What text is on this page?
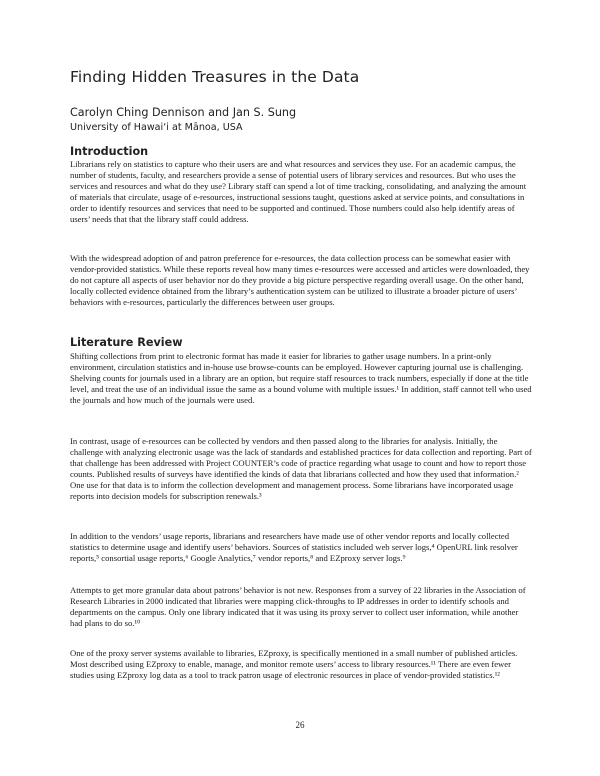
Finding Hidden Treasures in the Data

Carolyn Ching Dennison and Jan S. Sung

University of Hawai‘i at Mānoa, USA

Introduction

Librarians rely on statistics to capture who their users are and what resources and services they use. For an academic campus, the number of students, faculty, and researchers provide a sense of potential users of library services and resources. But who uses the services and resources and what do they use? Library staff can spend a lot of time tracking, consolidating, and analyzing the amount of materials that circulate, usage of e-resources, instructional sessions taught, questions asked at service points, and consultations in order to identify resources and services that need to be supported and continued. Those numbers could also help identify areas of users’ needs that that the library staff could address.

With the widespread adoption of and patron preference for e-resources, the data collection process can be somewhat easier with vendor-provided statistics. While these reports reveal how many times e-resources were accessed and articles were downloaded, they do not capture all aspects of user behavior nor do they provide a big picture perspective regarding overall usage. On the other hand, locally collected evidence obtained from the library’s authentication system can be utilized to illustrate a broader picture of users’ behaviors with e-resources, particularly the differences between user groups.

Literature Review

Shifting collections from print to electronic format has made it easier for libraries to gather usage numbers. In a print-only environment, circulation statistics and in-house use browse-counts can be employed. However capturing journal use is challenging. Shelving counts for journals used in a library are an option, but require staff resources to track numbers, especially if done at the title level, and treat the use of an individual issue the same as a bound volume with multiple issues.¹ In addition, staff cannot tell who used the journals and how much of the journals were used.

In contrast, usage of e-resources can be collected by vendors and then passed along to the libraries for analysis. Initially, the challenge with analyzing electronic usage was the lack of standards and established practices for data collection and reporting. Part of that challenge has been addressed with Project COUNTER’s code of practice regarding what usage to count and how to report those counts. Published results of surveys have identified the kinds of data that librarians collected and how they used that information.² One use for that data is to inform the collection development and management process. Some librarians have incorporated usage reports into decision models for subscription renewals.³

In addition to the vendors’ usage reports, librarians and researchers have made use of other vendor reports and locally collected statistics to determine usage and identify users’ behaviors. Sources of statistics included web server logs,⁴ OpenURL link resolver reports,⁵ consortial usage reports,⁶ Google Analytics,⁷ vendor reports,⁸ and EZproxy server logs.⁹

Attempts to get more granular data about patrons’ behavior is not new. Responses from a survey of 22 libraries in the Association of Research Libraries in 2000 indicated that libraries were mapping click-throughs to IP addresses in order to identify schools and departments on the campus. Only one library indicated that it was using its proxy server to collect user information, while another had plans to do so.¹⁰

One of the proxy server systems available to libraries, EZproxy, is specifically mentioned in a small number of published articles. Most described using EZproxy to enable, manage, and monitor remote users’ access to library resources.¹¹ There are even fewer studies using EZproxy log data as a tool to track patron usage of electronic resources in place of vendor-provided statistics.¹²

26
